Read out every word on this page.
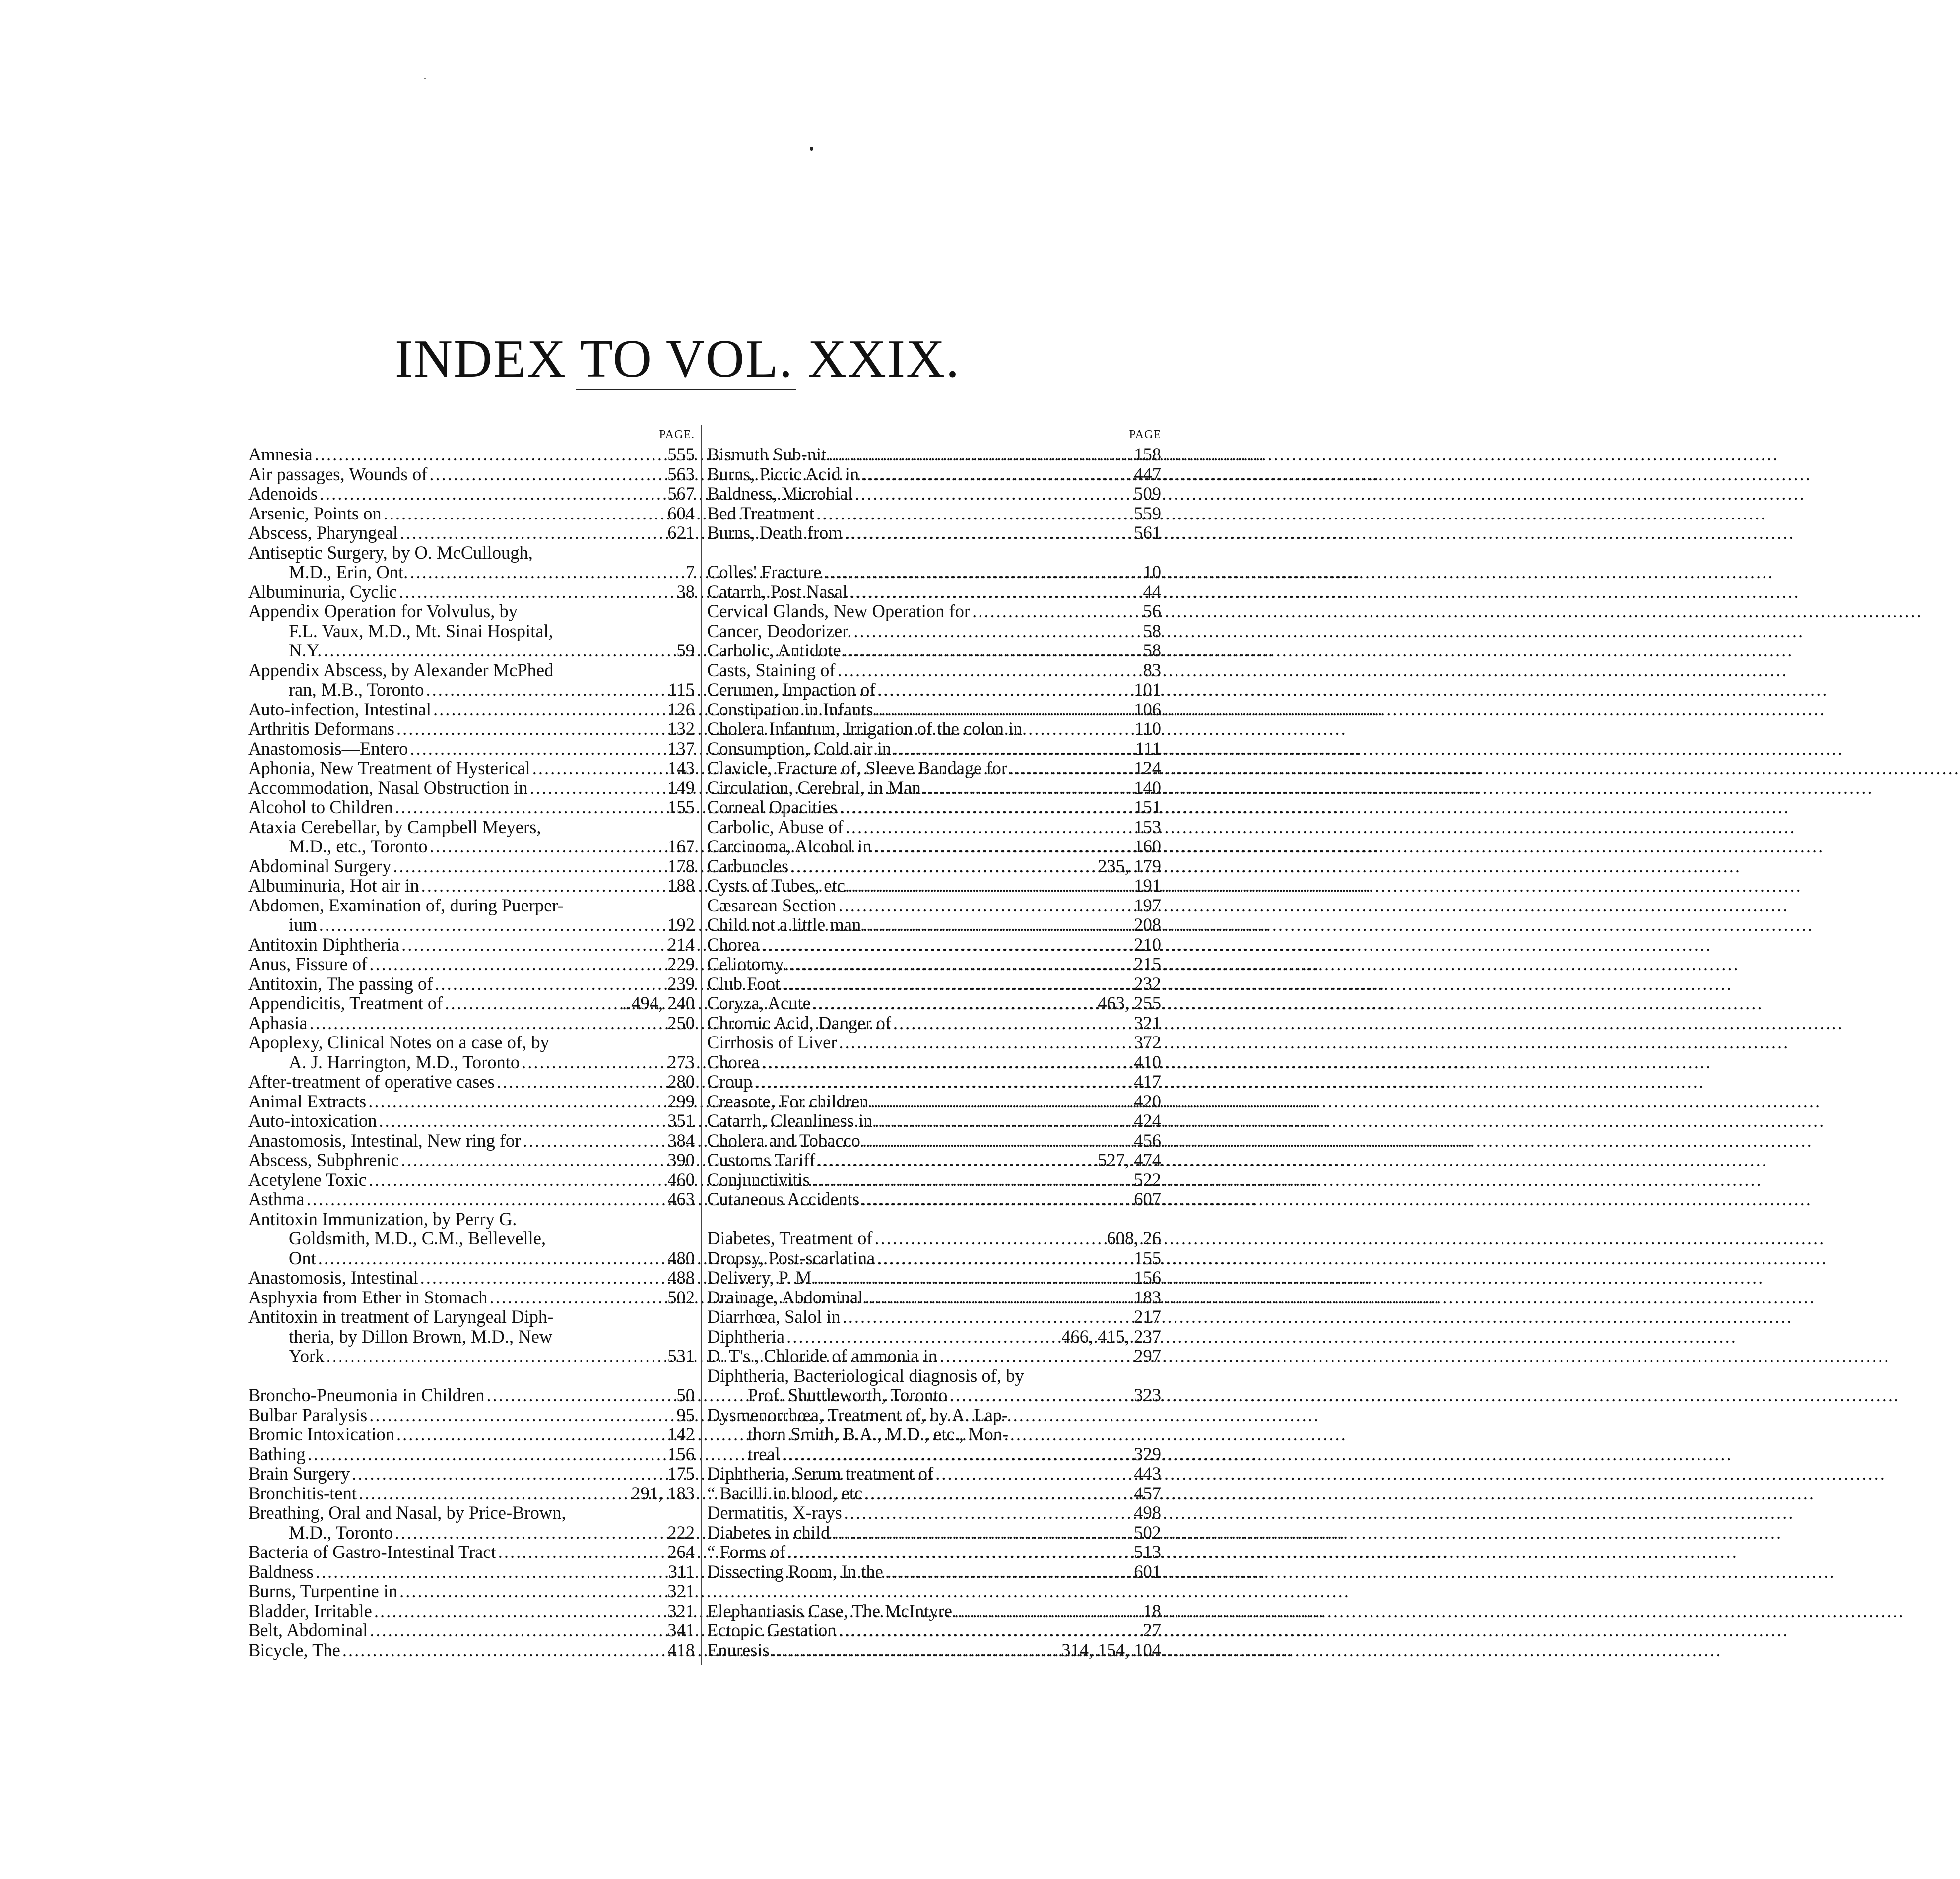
INDEX TO VOL. XXIX.
PAGE.
Amnesia .....	555
Air passages, Wounds of .....	563
Adenoids .....	567
Arsenic, Points on .....	604
Abscess, Pharyngeal .....	621
Antiseptic Surgery, by O. McCullough,
M.D., Erin, Ont. .....	7
Albuminuria, Cyclic .....	38
Appendix Operation for Volvulus, by
F.L. Vaux, M.D., Mt. Sinai Hospital,
N.Y. .....	59
Appendix Abscess, by Alexander McPhed
ran, M.B., Toronto .....	115
Auto-infection, Intestinal .....	126
Arthritis Deformans .....	132
Anastomosis—Entero .....	137
Aphonia, New Treatment of Hysterical .....	143
Accommodation, Nasal Obstruction in .....	149
Alcohol to Children .....	155
Ataxia Cerebellar, by Campbell Meyers,
M.D., etc., Toronto .....	167
Abdominal Surgery .....	178
Albuminuria, Hot air in .....	188
Abdomen, Examination of, during Puerper-
ium .....	192
Antitoxin Diphtheria .....	214
Anus, Fissure of .....	229
Antitoxin, The passing of .....	239
Appendicitis, Treatment of .....	..494, 240
Aphasia .....	250
Apoplexy, Clinical Notes on a case of, by
A. J. Harrington, M.D., Toronto .....	273
After-treatment of operative cases .....	280
Animal Extracts .....	299
Auto-intoxication .....	351
Anastomosis, Intestinal, New ring for .....	384
Abscess, Subphrenic .....	390
Acetylene Toxic .....	460
Asthma .....	463
Antitoxin Immunization, by Perry G.
Goldsmith, M.D., C.M., Bellevelle,
Ont .....	480
Anastomosis, Intestinal .....	488
Asphyxia from Ether in Stomach .....	502
Antitoxin in treatment of Laryngeal Diph-
theria, by Dillon Brown, M.D., New
York .....	531
Broncho-Pneumonia in Children .....	50
Bulbar Paralysis .....	95
Bromic Intoxication .....	142
Bathing .....	156
Brain Surgery .....	175
Bronchitis-tent .....	291, 183
Breathing, Oral and Nasal, by Price-Brown,
M.D., Toronto .....	222
Bacteria of Gastro-Intestinal Tract .....	264
Baldness .....	311
Burns, Turpentine in .....	321
Bladder, Irritable .....	321
Belt, Abdominal .....	341
Bicycle, The .....	418
PAGE
Bismuth Sub-nit .....	158
Burns, Picric Acid in .....	447
Baldness, Microbial .....	509
Bed Treatment .....	559
Burns, Death from .....	561
Colles' Fracture .....	10
Catarrh, Post Nasal .....	44
Cervical Glands, New Operation for .....	56
Cancer, Deodorizer. .....	58
Carbolic, Antidote .....	58
Casts, Staining of .....	83
Cerumen, Impaction of .....	101
Constipation in Infants .....	106
Cholera Infantum, Irrigation of the colon in	110
Consumption, Cold air in .....	111
Clavicle, Fracture of, Sleeve Bandage for .....	124
Circulation, Cerebral, in Man .....	140
Corneal Opacities .....	151
Carbolic, Abuse of .....	153
Carcinoma, Alcohol in .....	160
Carbuncles .....	235, 179
Cysts of Tubes, etc. .....	191
Cæsarean Section .....	197
Child not a little man .....	208
Chorea .....	210
Celiotomy. .....	215
Club Foot .....	232
Coryza, Acute .....	463, 255
Chromic Acid, Danger of .....	321
Cirrhosis of Liver .....	372
Chorea .....	410
Croup .....	417
Creasote, For children .....	420
Catarrh, Cleanliness in .....	424
Cholera and Tobacco .....	456
Customs Tariff .....	527, 474
Conjunctivitis .....	522
Cutaneous Accidents .....	607
Diabetes, Treatment of .....	608, 26
Dropsy, Post-scarlatina .....	155
Delivery, P. M .....	156
Drainage, Abdominal .....	183
Diarrhœa, Salol in .....	217
Diphtheria .....	466, 415, 237
D. T's., Chloride of ammonia in .....	297
Diphtheria, Bacteriological diagnosis of, by
Prof. Shuttleworth, Toronto .....	323
Dysmenorrhœa, Treatment of, by A. Lap-
thorn Smith, B.A., M.D., etc., Mon-
treal .....	329
Diphtheria, Serum treatment of .....	443
“ Bacilli in blood, etc .....	457
Dermatitis, X-rays .....	498
Diabetes in child .....	502
“ Forms of .....	513
Dissecting Room, In the .....	601
Elephantiasis Case, The McIntyre .....	18
Ectopic Gestation .....	27
Enuresis .....	314, 154, 104
